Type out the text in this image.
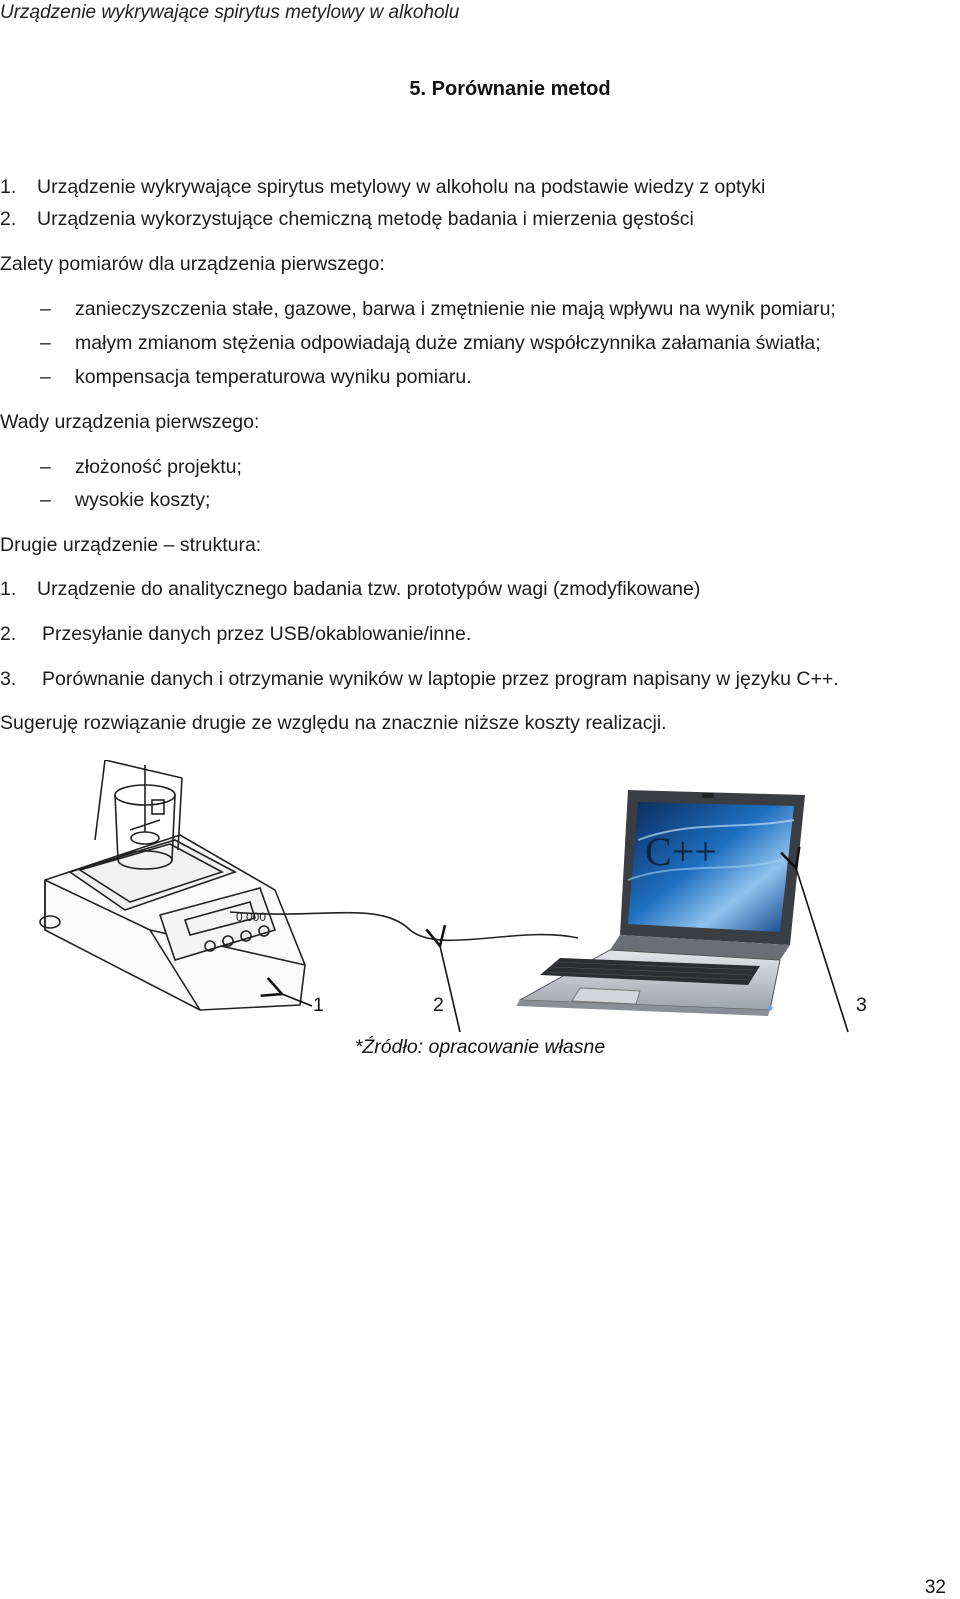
Urządzenie wykrywające spirytus metylowy w alkoholu
5. Porównanie metod
1. Urządzenie wykrywające spirytus metylowy w alkoholu na podstawie wiedzy z optyki
2. Urządzenia wykorzystujące chemiczną metodę badania i mierzenia gęstości
Zalety pomiarów dla urządzenia pierwszego:
– zanieczyszczenia stałe, gazowe, barwa i zmętnienie nie mają wpływu na wynik pomiaru;
– małym zmianom stężenia odpowiadają duże zmiany współczynnika załamania światła;
– kompensacja temperaturowa wyniku pomiaru.
Wady urządzenia pierwszego:
– złożoność projektu;
– wysokie koszty;
Drugie urządzenie – struktura:
1. Urządzenie do analitycznego badania tzw. prototypów wagi (zmodyfikowane)
2. Przesyłanie danych przez USB/okablowanie/inne.
3. Porównanie danych i otrzymanie wyników w laptopie przez program napisany w języku C++.
Sugeruję rozwiązanie drugie ze względu na znacznie niższe koszty realizacji.
0.000
C++
1	2	3
*Źródło: opracowanie własne
32
